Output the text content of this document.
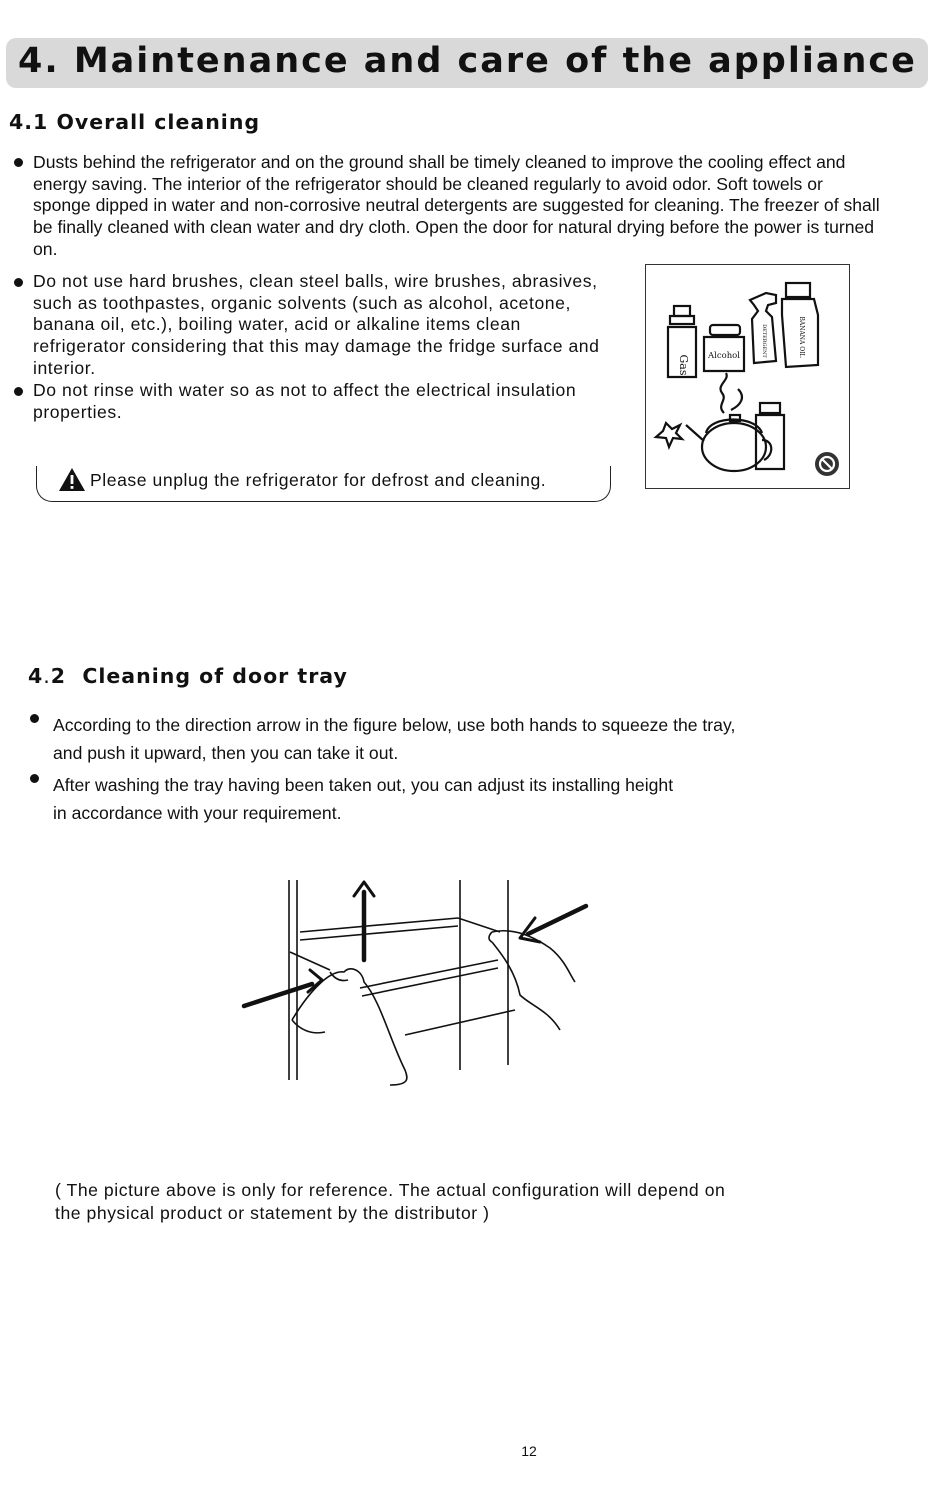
4. Maintenance and care of the appliance
4.1 Overall cleaning

Dusts behind the refrigerator and on the ground shall be timely cleaned to improve the cooling effect and energy saving. The interior of the refrigerator should be cleaned regularly to avoid odor. Soft towels or sponge dipped in water and non-corrosive neutral detergents are suggested for cleaning. The freezer of shall be finally cleaned with clean water and dry cloth. Open the door for natural drying before the power is turned on.

Do not use hard brushes, clean steel balls, wire brushes, abrasives, such as toothpastes, organic solvents (such as alcohol, acetone, banana oil, etc.), boiling water, acid or alkaline items clean refrigerator considering that this may damage the fridge surface and interior.

Do not rinse with water so as not to affect the electrical insulation properties.

Please unplug the refrigerator for defrost and cleaning.
Gas Alcohol	DETERGENT	BANANA OIL
4.2  Cleaning of door tray

According to the direction arrow in the figure below, use both hands to squeeze the tray,
and push it upward, then you can take it out.

After washing the tray having been taken out, you can adjust its installing height
in accordance with your requirement.

( The picture above is only for reference. The actual configuration will depend on
the physical product or statement by the distributor )

12
